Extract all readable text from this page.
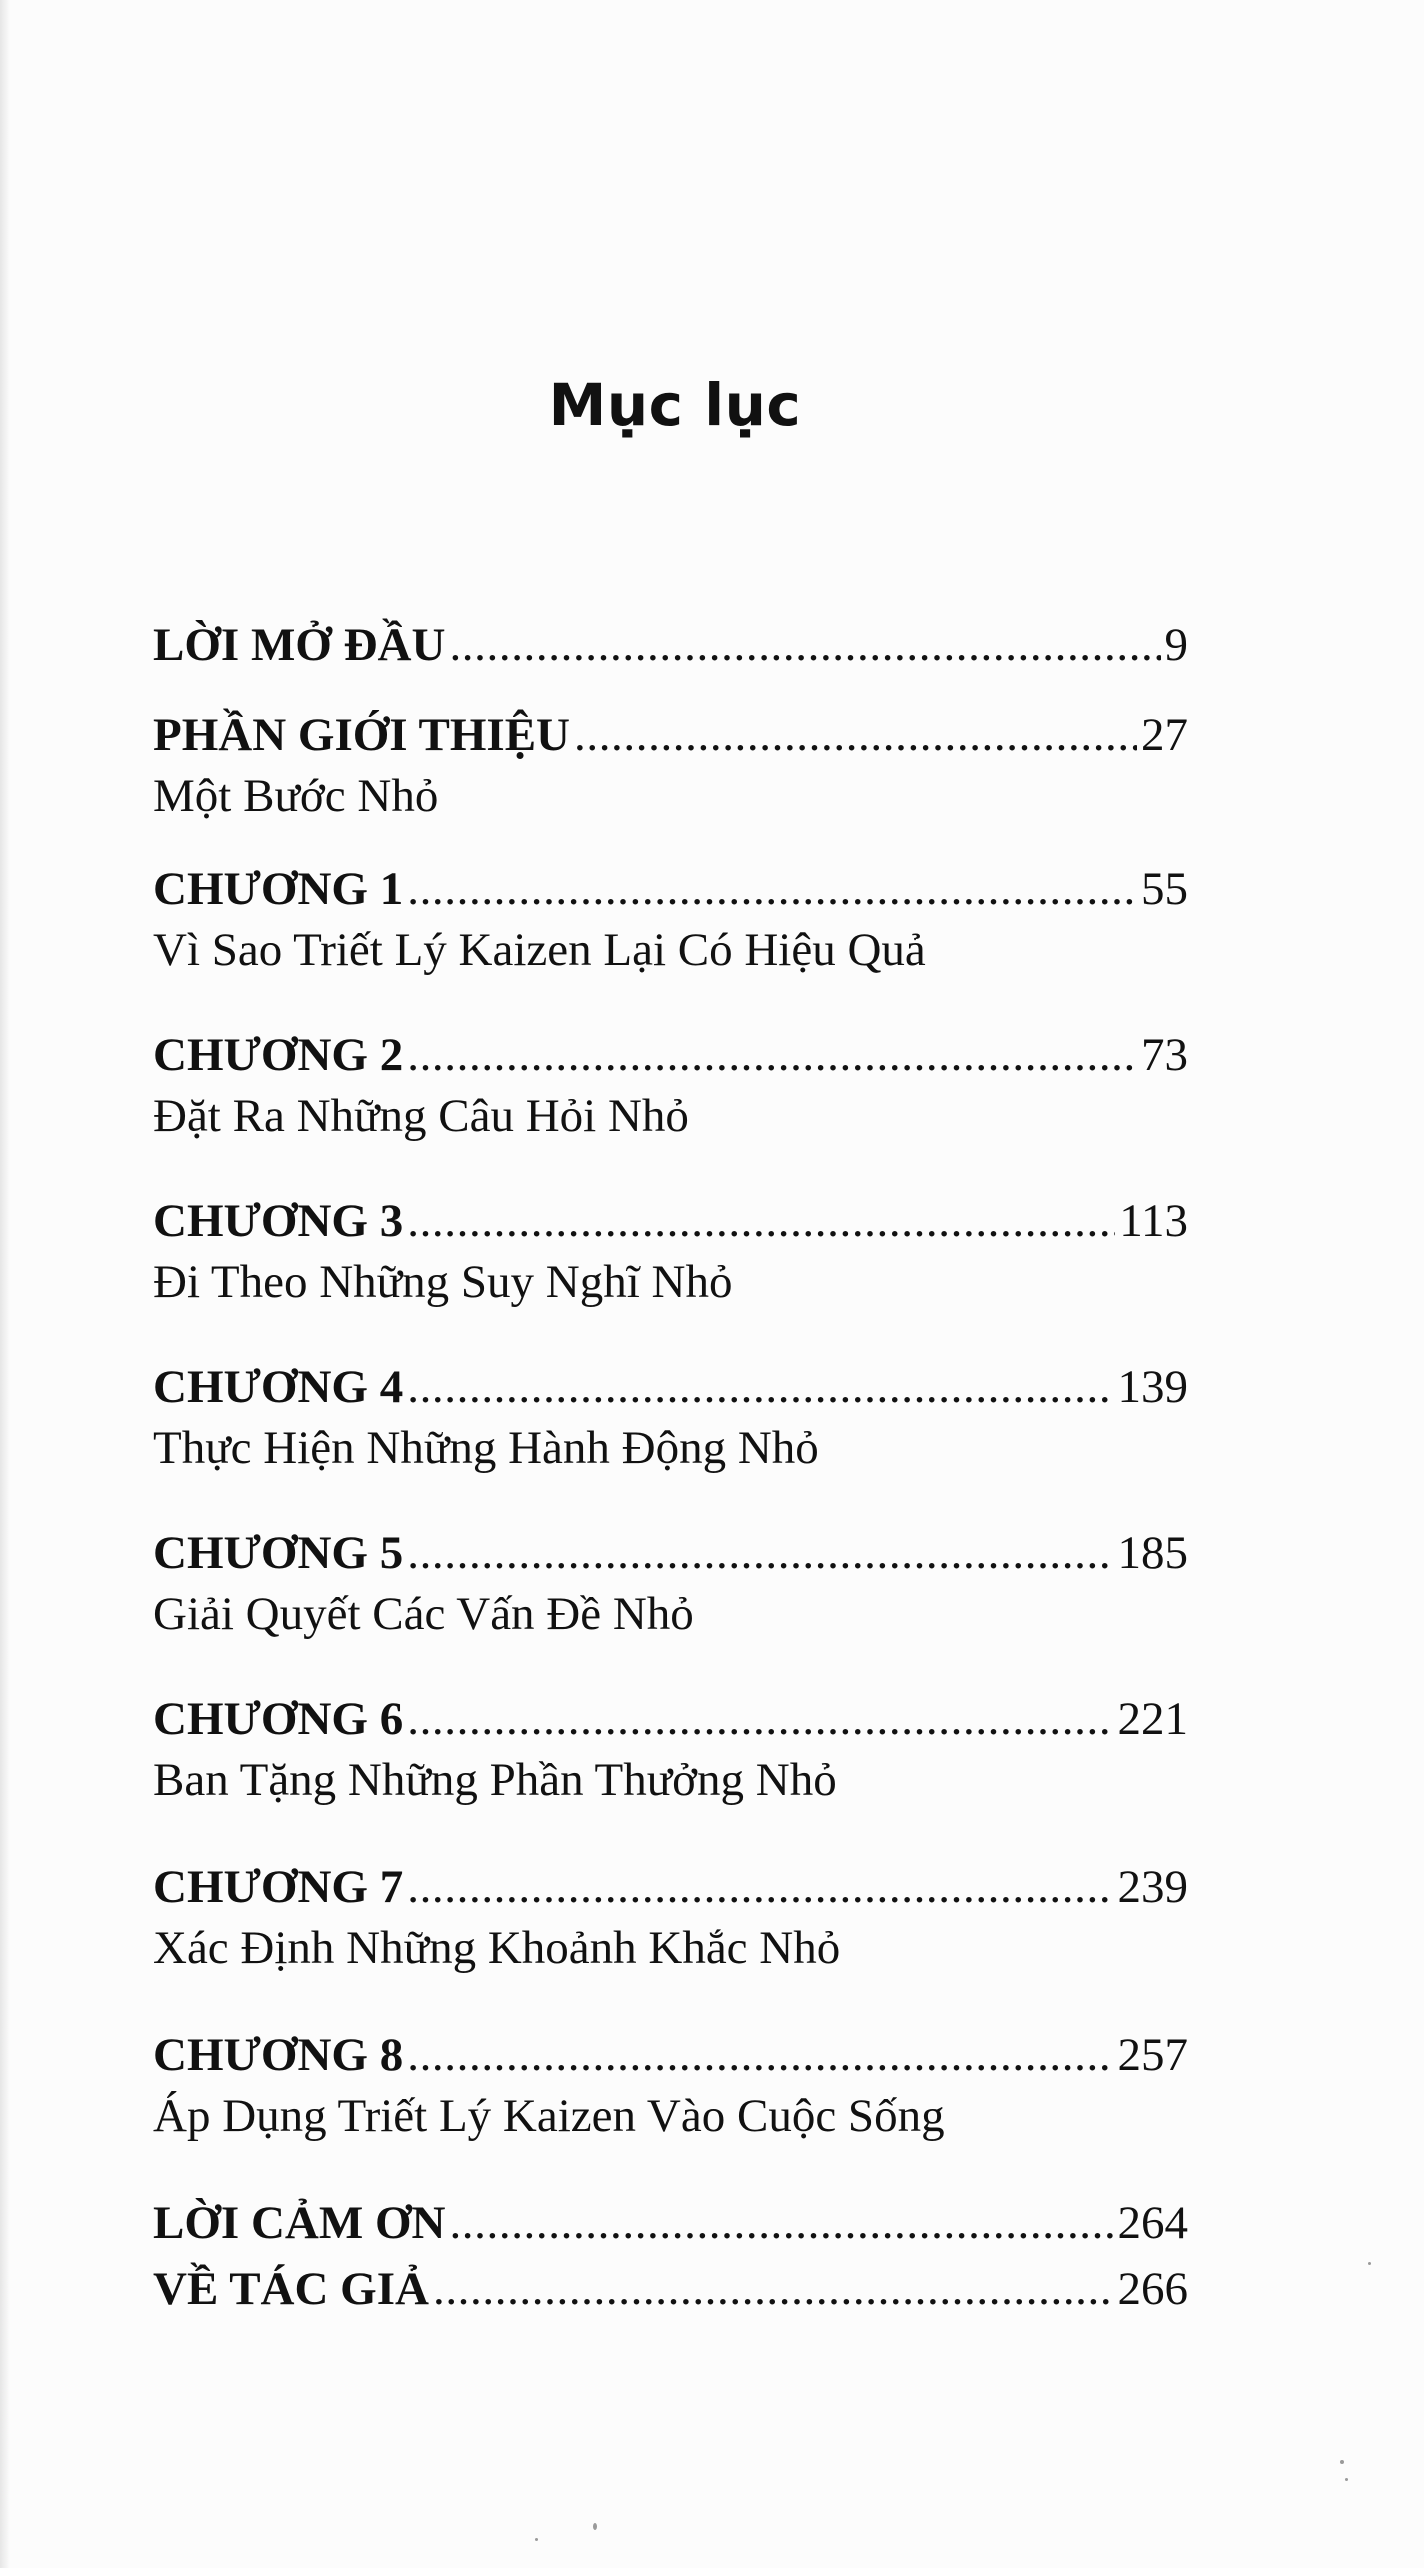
Mục lục
LỜI MỞ ĐẦU .....	9
PHẦN GIỚI THIỆU .....	27
Một Bước Nhỏ
CHƯƠNG 1 .....	55
Vì Sao Triết Lý Kaizen Lại Có Hiệu Quả
CHƯƠNG 2 .....	73
Đặt Ra Những Câu Hỏi Nhỏ
CHƯƠNG 3 .....	113
Đi Theo Những Suy Nghĩ Nhỏ
CHƯƠNG 4 .....	139
Thực Hiện Những Hành Động Nhỏ
CHƯƠNG 5 .....	185
Giải Quyết Các Vấn Đề Nhỏ
CHƯƠNG 6 .....	221
Ban Tặng Những Phần Thưởng Nhỏ
CHƯƠNG 7 .....	239
Xác Định Những Khoảnh Khắc Nhỏ
CHƯƠNG 8 .....	257
Áp Dụng Triết Lý Kaizen Vào Cuộc Sống
LỜI CẢM ƠN .....	264
VỀ TÁC GIẢ .....	266
